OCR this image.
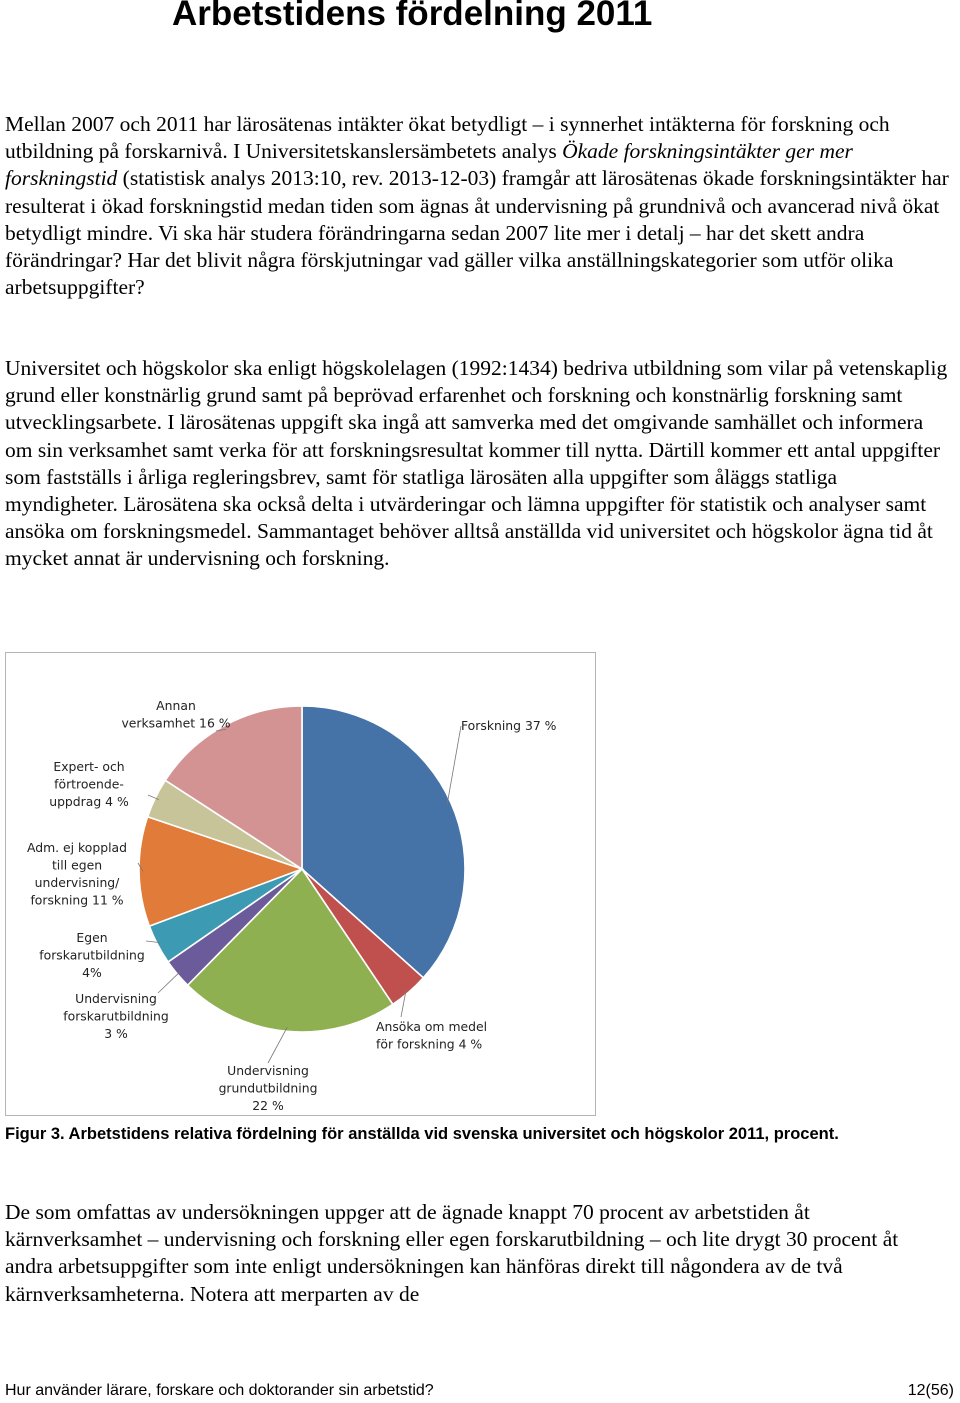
Arbetstidens fördelning 2011

Mellan 2007 och 2011 har lärosätenas intäkter ökat betydligt – i synnerhet intäkterna för forskning och utbildning på forskarnivå. I Universitetskanslersämbetets analys Ökade forskningsintäkter ger mer forskningstid (statistisk analys 2013:10, rev. 2013-12-03) framgår att lärosätenas ökade forskningsintäkter har resulterat i ökad forskningstid medan tiden som ägnas åt undervisning på grundnivå och avancerad nivå ökat betydligt mindre. Vi ska här studera förändringarna sedan 2007 lite mer i detalj – har det skett andra förändringar? Har det blivit några förskjutningar vad gäller vilka anställningskategorier som utför olika arbetsuppgifter?

Universitet och högskolor ska enligt högskolelagen (1992:1434) bedriva utbildning som vilar på vetenskaplig grund eller konstnärlig grund samt på beprövad erfarenhet och forskning och konstnärlig forskning samt utvecklingsarbete. I lärosätenas uppgift ska ingå att samverka med det omgivande samhället och informera om sin verksamhet samt verka för att forskningsresultat kommer till nytta. Därtill kommer ett antal uppgifter som fastställs i årliga regleringsbrev, samt för statliga lärosäten alla uppgifter som åläggs statliga myndigheter. Lärosätena ska också delta i utvärderingar och lämna uppgifter för statistik och analyser samt ansöka om forskningsmedel. Sammantaget behöver alltså anställda vid universitet och högskolor ägna tid åt mycket annat är undervisning och forskning.

Forskning 37 %
Ansöka om medel
för forskning 4 %
Undervisning
grundutbildning
22 %
Undervisning
forskarutbildning
3 %
Egen
forskarutbildning
4%
Adm. ej kopplad
till egen
undervisning/
forskning 11 %
Expert- och
förtroende-
uppdrag 4 %
Annan
verksamhet 16 %

Figur 3. Arbetstidens relativa fördelning för anställda vid svenska universitet och högskolor 2011, procent.

De som omfattas av undersökningen uppger att de ägnade knappt 70 procent av arbetstiden åt kärnverksamhet – undervisning och forskning eller egen forskarutbildning – och lite drygt 30 procent åt andra arbetsuppgifter som inte enligt undersökningen kan hänföras direkt till någondera av de två kärnverksamheterna. Notera att merparten av de

Hur använder lärare, forskare och doktorander sin arbetstid?	12(56)
